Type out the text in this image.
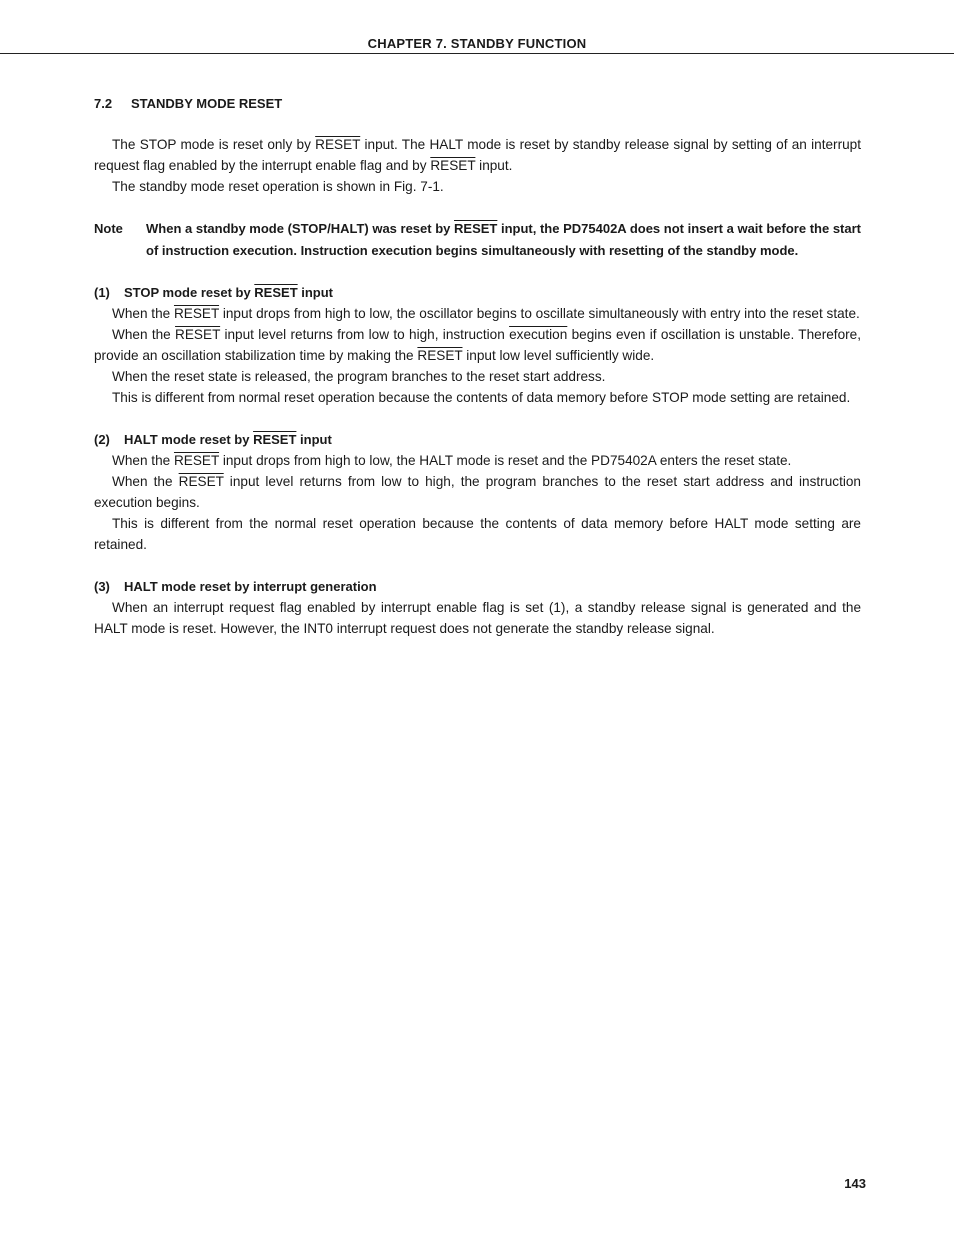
CHAPTER 7. STANDBY FUNCTION
7.2 STANDBY MODE RESET

The STOP mode is reset only by RESET input. The HALT mode is reset by standby release signal by setting of an interrupt request flag enabled by the interrupt enable flag and by RESET input.

The standby mode reset operation is shown in Fig. 7-1.

Note	When a standby mode (STOP/HALT) was reset by RESET input, the PD75402A does not insert a wait before the start of instruction execution. Instruction execution begins simultaneously with resetting of the standby mode.
(1) STOP mode reset by RESET input

When the RESET input drops from high to low, the oscillator begins to oscillate simultaneously with entry into the reset state.

When the RESET input level returns from low to high, instruction execution begins even if oscillation is unstable. Therefore, provide an oscillation stabilization time by making the RESET input low level sufficiently wide.

When the reset state is released, the program branches to the reset start address.

This is different from normal reset operation because the contents of data memory before STOP mode setting are retained.

(2) HALT mode reset by RESET input

When the RESET input drops from high to low, the HALT mode is reset and the PD75402A enters the reset state.

When the RESET input level returns from low to high, the program branches to the reset start address and instruction execution begins.

This is different from the normal reset operation because the contents of data memory before HALT mode setting are retained.

(3) HALT mode reset by interrupt generation

When an interrupt request flag enabled by interrupt enable flag is set (1), a standby release signal is generated and the HALT mode is reset. However, the INT0 interrupt request does not generate the standby release signal.

143
